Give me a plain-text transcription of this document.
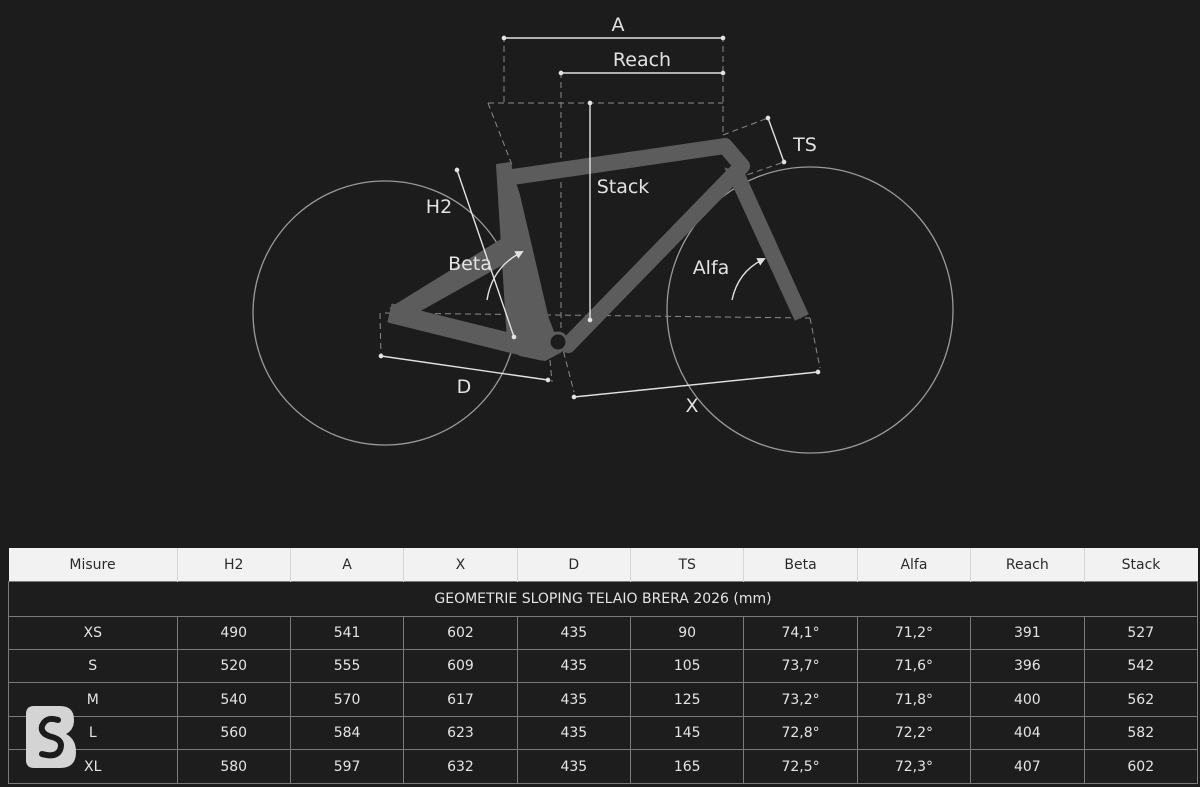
A
Reach
TS
Stack
H2
Beta	Alfa
D
X
Misure	H2	A	X	D	TS	Beta	Alfa	Reach	Stack
GEOMETRIE SLOPING TELAIO BRERA 2026 (mm)									
XS	490	541	602	435	90	74,1°	71,2°	391	527
S	520	555	609	435	105	73,7°	71,6°	396	542
M	540	570	617	435	125	73,2°	71,8°	400	562
L	560	584	623	435	145	72,8°	72,2°	404	582
XL	580	597	632	435	165	72,5°	72,3°	407	602
